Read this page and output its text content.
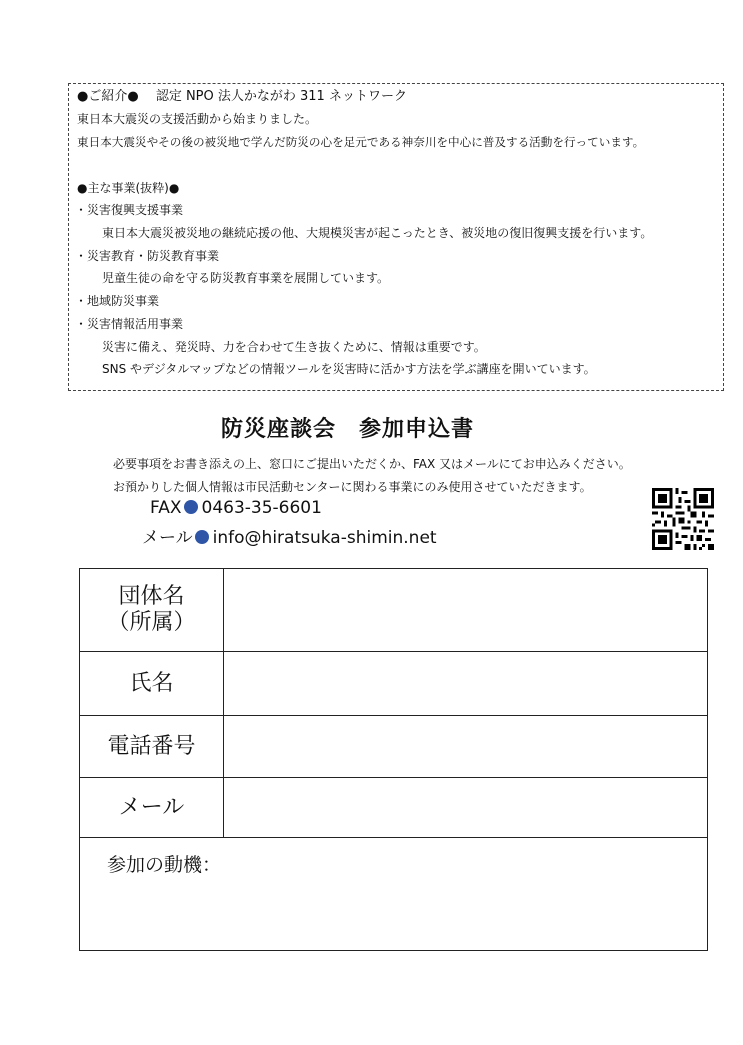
●ご紹介●　 認定 NPO 法人かながわ 311 ネットワーク
東日本大震災の支援活動から始まりました。
東日本大震災やその後の被災地で学んだ防災の心を足元である神奈川を中心に普及する活動を行っています。
●主な事業(抜粋)●
・災害復興支援事業
東日本大震災被災地の継続応援の他、大規模災害が起こったとき、被災地の復旧復興支援を行います。
・災害教育・防災教育事業
児童生徒の命を守る防災教育事業を展開しています。
・地域防災事業
・災害情報活用事業
災害に備え、発災時、力を合わせて生き抜くために、情報は重要です。
SNS やデジタルマップなどの情報ツールを災害時に活かす方法を学ぶ講座を開いています。
防災座談会　参加申込書
必要事項をお書き添えの上、窓口にご提出いただくか、FAX 又はメールにてお申込みください。
お預かりした個人情報は市民活動センターに関わる事業にのみ使用させていただきます。
FAX 0463-35-6601
メール info@hiratsuka-shimin.net
団体名
（所属）	

氏名	
電話番号	
メール	

参加の動機：	
